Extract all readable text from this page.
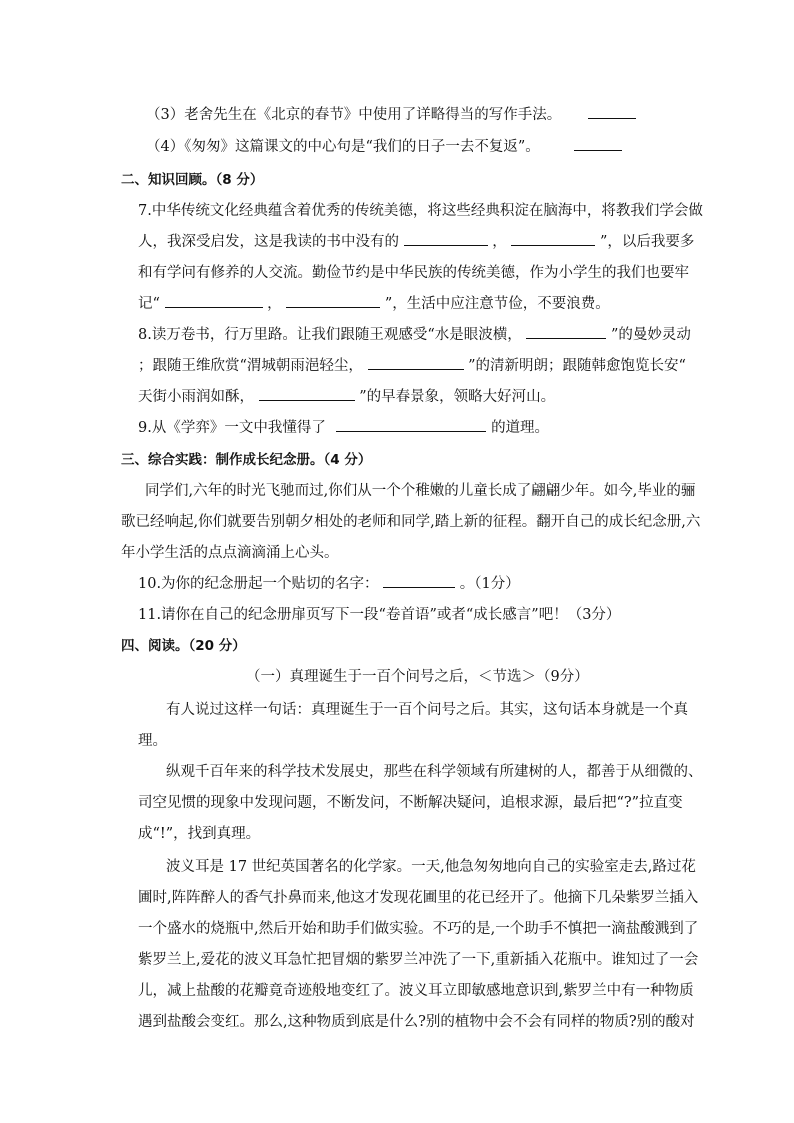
（3）老舍先生在《北京的春节》中使用了详略得当的写作手法。
（4）《匆匆》这篇课文的中心句是“我们的日子一去不复返”。
二、知识回顾。（8 分）
7.中华传统文化经典蕴含着优秀的传统美德，将这些经典积淀在脑海中，将教我们学会做
人，我深受启发，这是我读的书中没有的	，	”，以后我要多
和有学问有修养的人交流。勤俭节约是中华民族的传统美德，作为小学生的我们也要牢
记“	，	”，生活中应注意节俭，不要浪费。
8.读万卷书，行万里路。让我们跟随王观感受“水是眼波横，	”的曼妙灵动
；跟随王维欣赏“渭城朝雨浥轻尘，	”的清新明朗；跟随韩愈饱览长安“
天街小雨润如酥，	”的早春景象，领略大好河山。
9.从《学弈》一文中我懂得了	的道理。
三、综合实践：制作成长纪念册。（4 分）
同学们,六年的时光飞驰而过,你们从一个个稚嫩的儿童长成了翩翩少年。如今,毕业的骊
歌已经响起,你们就要告别朝夕相处的老师和同学,踏上新的征程。翻开自己的成长纪念册,六
年小学生活的点点滴滴涌上心头。
10.为你的纪念册起一个贴切的名字：	。（1分）
11.请你在自己的纪念册扉页写下一段“卷首语”或者“成长感言”吧！（3分）
四、阅读。（20 分）
（一）真理诞生于一百个问号之后，＜节选＞（9分）
有人说过这样一句话：真理诞生于一百个问号之后。其实，这句话本身就是一个真
理。
纵观千百年来的科学技术发展史，那些在科学领域有所建树的人，都善于从细微的、
司空见惯的现象中发现问题，不断发问，不断解决疑问，追根求源，最后把“?”拉直变
成“!”，找到真理。
波义耳是 17 世纪英国著名的化学家。一天,他急匆匆地向自己的实验室走去,路过花
圃时,阵阵醉人的香气扑鼻而来,他这才发现花圃里的花已经开了。他摘下几朵紫罗兰插入
一个盛水的烧瓶中,然后开始和助手们做实验。不巧的是,一个助手不慎把一滴盐酸溅到了
紫罗兰上,爱花的波义耳急忙把冒烟的紫罗兰冲洗了一下,重新插入花瓶中。谁知过了一会
儿，减上盐酸的花瓣竟奇迹般地变红了。波义耳立即敏感地意识到,紫罗兰中有一种物质
遇到盐酸会变红。那么,这种物质到底是什么?别的植物中会不会有同样的物质?别的酸对
